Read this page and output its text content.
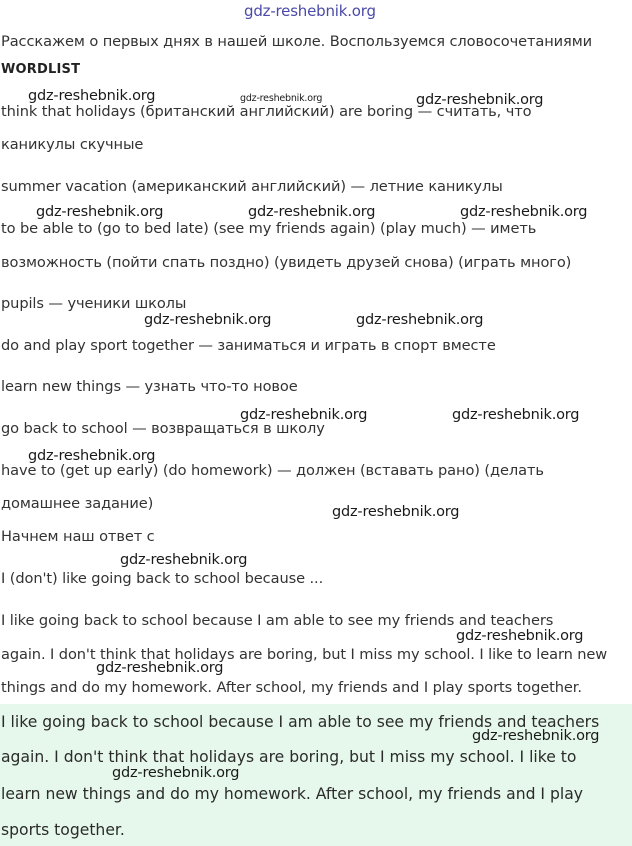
gdz-reshebnik.org

Расскажем о первых днях в нашей школе. Воспользуемся словосочетаниями

WORDLIST

think that holidays (британский английский) are boring — считать, что

каникулы скучные

summer vacation (американский английский) — летние каникулы

to be able to (go to bed late) (see my friends again) (play much) — иметь

возможность (пойти спать поздно) (увидеть друзей снова) (играть много)

pupils — ученики школы

do and play sport together — заниматься и играть в спорт вместе

learn new things — узнать что-то новое

go back to school — возвращаться в школу

have to (get up early) (do homework) — должен (вставать рано) (делать

домашнее задание)

Начнем наш ответ с

I (don't) like going back to school because ...

I like going back to school because I am able to see my friends and teachers

again. I don't think that holidays are boring, but I miss my school. I like to learn new

things and do my homework. After school, my friends and I play sports together.

I like going back to school because I am able to see my friends and teachers

again. I don't think that holidays are boring, but I miss my school. I like to

learn new things and do my homework. After school, my friends and I play

sports together.

gdz-reshebnik.org	gdz-reshebnik.org	gdz-reshebnik.org
gdz-reshebnik.org	gdz-reshebnik.org	gdz-reshebnik.org
gdz-reshebnik.org	gdz-reshebnik.org
gdz-reshebnik.org	gdz-reshebnik.org
gdz-reshebnik.org
gdz-reshebnik.org
gdz-reshebnik.org
gdz-reshebnik.org
gdz-reshebnik.org
gdz-reshebnik.org
gdz-reshebnik.org
